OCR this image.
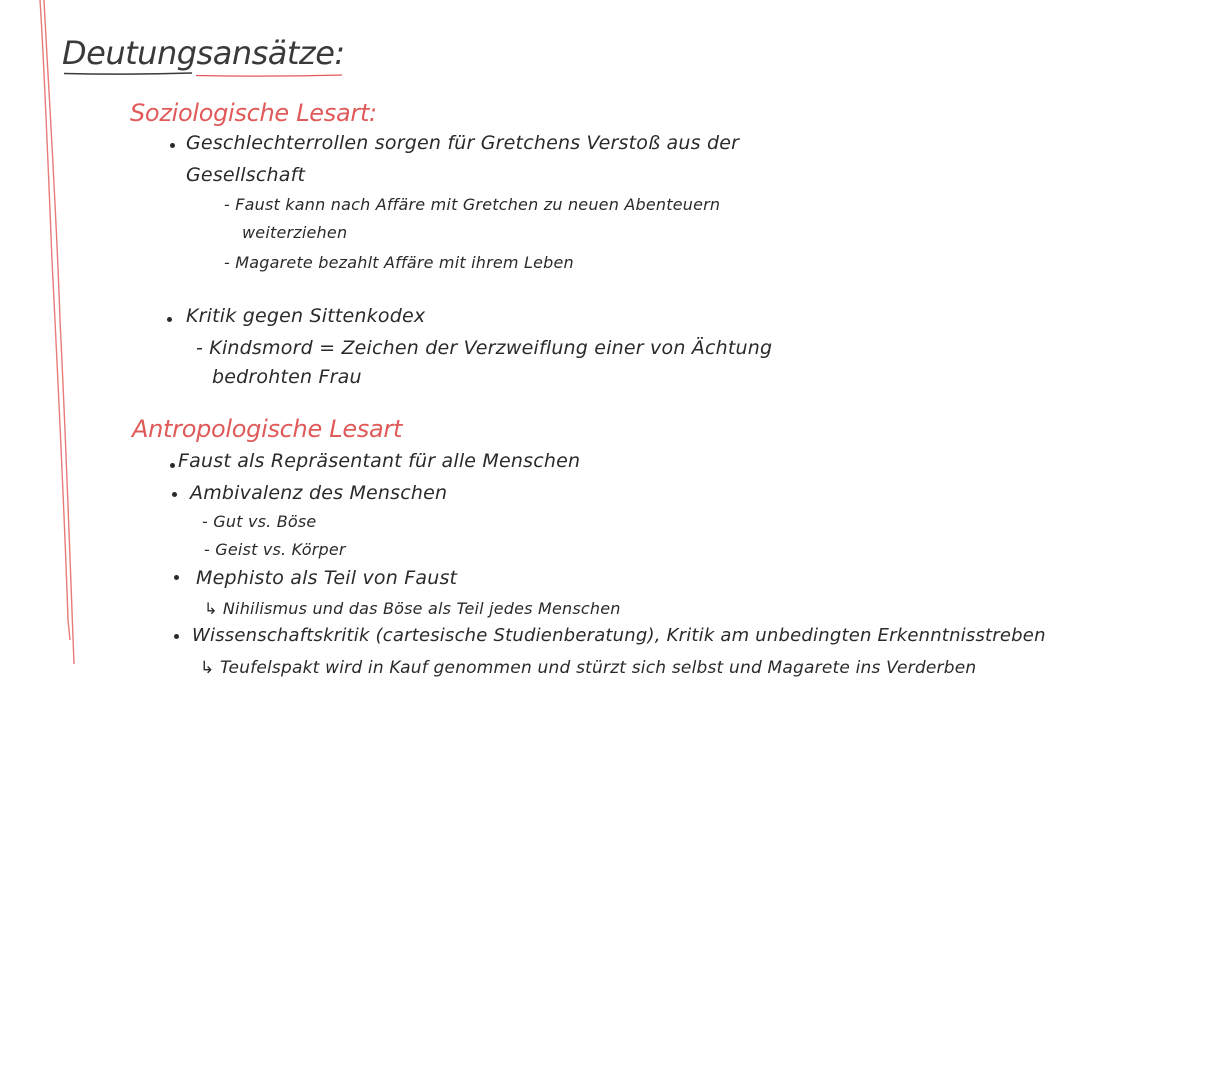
Deutungsansätze:
Soziologische Lesart:
Geschlechterrollen sorgen für Gretchens Verstoß aus der
Gesellschaft
- Faust kann nach Affäre mit Gretchen zu neuen Abenteuern
weiterziehen
- Magarete bezahlt Affäre mit ihrem Leben
Kritik gegen Sittenkodex
- Kindsmord = Zeichen der Verzweiflung einer von Ächtung
bedrohten Frau
Antropologische Lesart
Faust als Repräsentant für alle Menschen
Ambivalenz des Menschen
- Gut vs. Böse
- Geist vs. Körper
Mephisto als Teil von Faust
↳ Nihilismus und das Böse als Teil jedes Menschen
Wissenschaftskritik (cartesische Studienberatung), Kritik am unbedingten Erkenntnisstreben
↳ Teufelspakt wird in Kauf genommen und stürzt sich selbst und Magarete ins Verderben
